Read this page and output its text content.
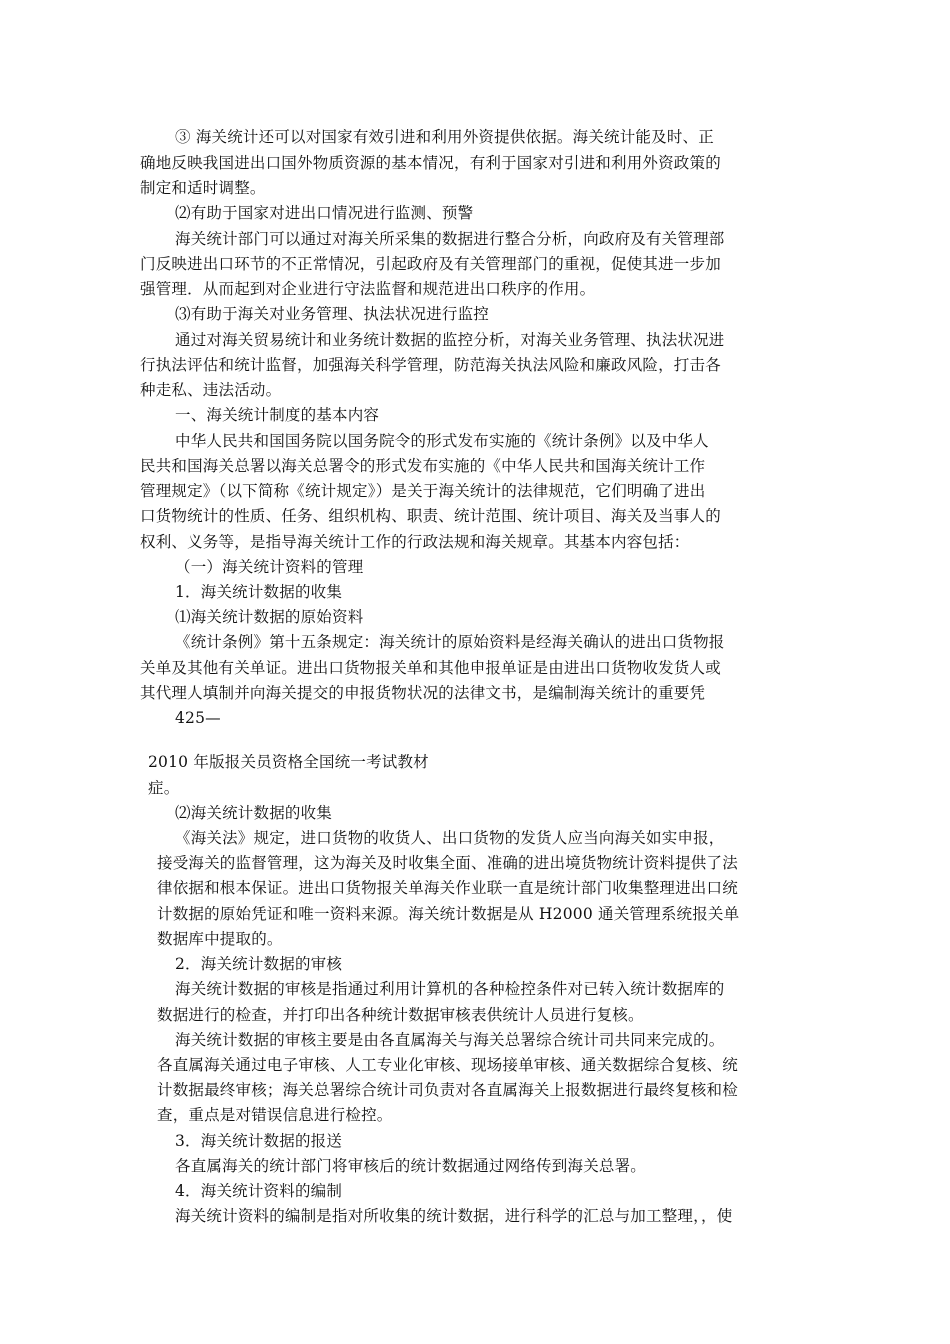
③ 海关统计还可以对国家有效引进和利用外资提供依据。海关统计能及时、正
确地反映我国进出口国外物质资源的基本情况，有利于国家对引进和利用外资政策的
制定和适时调整。
⑵有助于国家对进出口情况进行监测、预警
海关统计部门可以通过对海关所采集的数据进行整合分析，向政府及有关管理部
门反映进出口环节的不正常情况，引起政府及有关管理部门的重视，促使其进一步加
强管理．从而起到对企业进行守法监督和规范进出口秩序的作用。
⑶有助于海关对业务管理、执法状况进行监控
通过对海关贸易统计和业务统计数据的监控分析，对海关业务管理、执法状况进
行执法评估和统计监督，加强海关科学管理，防范海关执法风险和廉政风险，打击各
种走私、违法活动。
一、海关统计制度的基本内容
中华人民共和国国务院以国务院令的形式发布实施的《统计条例》以及中华人
民共和国海关总署以海关总署令的形式发布实施的《中华人民共和国海关统计工作
管理规定》（以下简称《统计规定》）是关于海关统计的法律规范，它们明确了进出
口货物统计的性质、任务、组织机构、职责、统计范围、统计项目、海关及当事人的
权利、义务等，是指导海关统计工作的行政法规和海关规章。其基本内容包括：
（一）海关统计资料的管理
1．海关统计数据的收集
⑴海关统计数据的原始资料
《统计条例》第十五条规定：海关统计的原始资料是经海关确认的进出口货物报
关单及其他有关单证。进出口货物报关单和其他申报单证是由进出口货物收发货人或
其代理人填制并向海关提交的申报货物状况的法律文书，是编制海关统计的重要凭
425—
2010 年版报关员资格全国统一考试教材
症。
⑵海关统计数据的收集
《海关法》规定，进口货物的收货人、出口货物的发货人应当向海关如实申报，
接受海关的监督管理，这为海关及时收集全面、准确的进出境货物统计资料提供了法
律依据和根本保证。进出口货物报关单海关作业联一直是统计部门收集整理进出口统
计数据的原始凭证和唯一资料来源。海关统计数据是从 H2000 通关管理系统报关单
数据库中提取的。
2．海关统计数据的审核
海关统计数据的审核是指通过利用计算机的各种检控条件对已转入统计数据库的
数据进行的检查，并打印出各种统计数据审核表供统计人员进行复核。
海关统计数据的审核主要是由各直属海关与海关总署综合统计司共同来完成的。
各直属海关通过电子审核、人工专业化审核、现场接单审核、通关数据综合复核、统
计数据最终审核；海关总署综合统计司负责对各直属海关上报数据进行最终复核和检
查，重点是对错误信息进行检控。
3．海关统计数据的报送
各直属海关的统计部门将审核后的统计数据通过网络传到海关总署。
4．海关统计资料的编制
海关统计资料的编制是指对所收集的统计数据，进行科学的汇总与加工整理，，使
